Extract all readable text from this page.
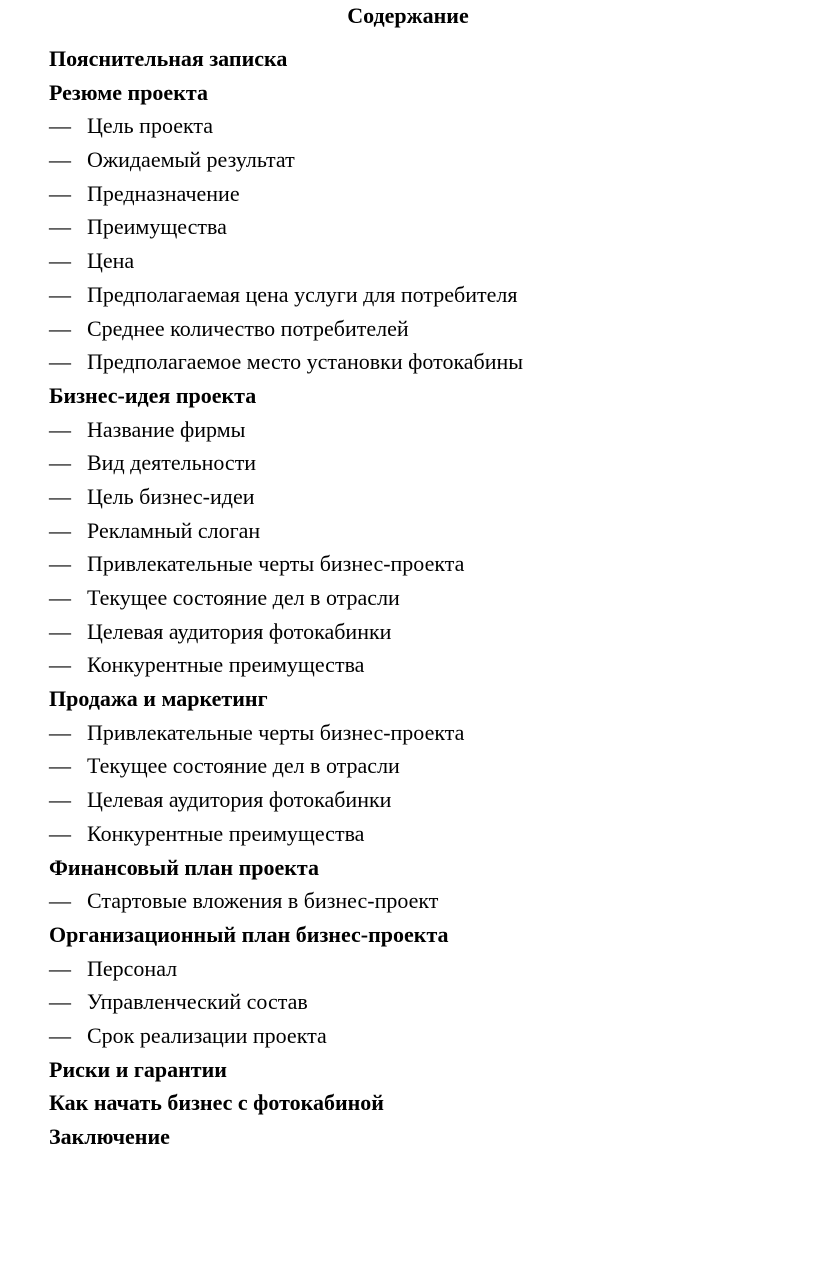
Содержание
Пояснительная записка
Резюме проекта
— Цель проекта
— Ожидаемый результат
— Предназначение
— Преимущества
— Цена
— Предполагаемая цена услуги для потребителя
— Среднее количество потребителей
— Предполагаемое место установки фотокабины
Бизнес-идея проекта
— Название фирмы
— Вид деятельности
— Цель бизнес-идеи
— Рекламный слоган
— Привлекательные черты бизнес-проекта
— Текущее состояние дел в отрасли
— Целевая аудитория фотокабинки
— Конкурентные преимущества
Продажа и маркетинг
— Привлекательные черты бизнес-проекта
— Текущее состояние дел в отрасли
— Целевая аудитория фотокабинки
— Конкурентные преимущества
Финансовый план проекта
— Стартовые вложения в бизнес-проект
Организационный план бизнес-проекта
— Персонал
— Управленческий состав
— Срок реализации проекта
Риски и гарантии
Как начать бизнес с фотокабиной
Заключение
